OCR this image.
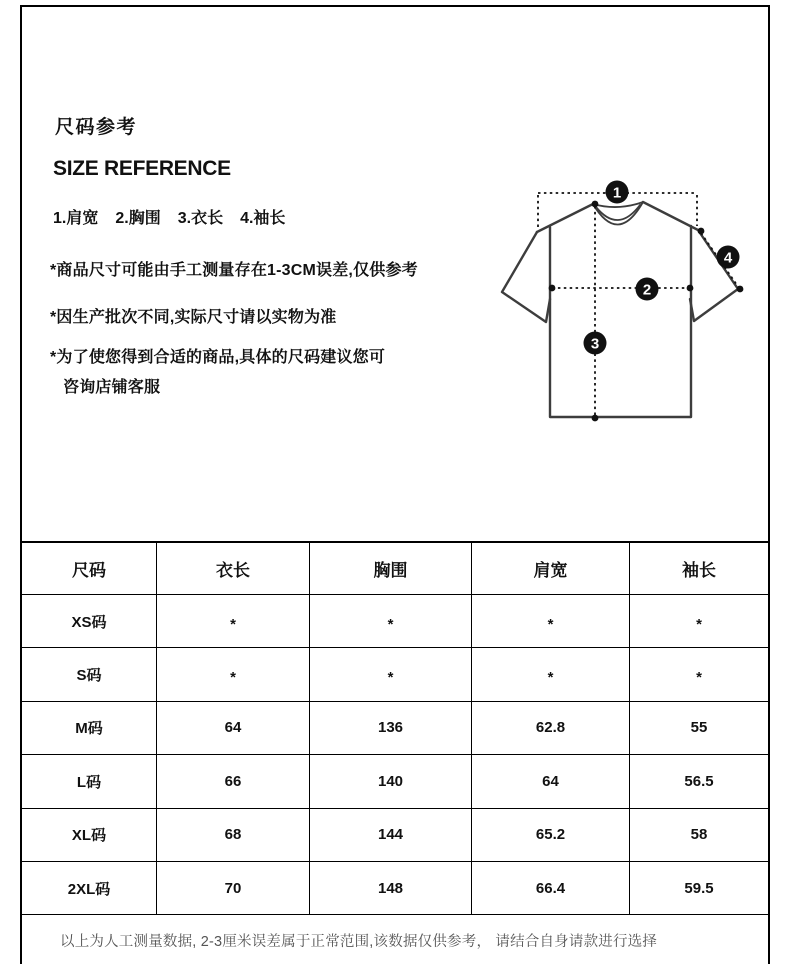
尺码参考
SIZE REFERENCE
1.肩宽 2.胸围 3.衣长 4.袖长
*商品尺寸可能由手工测量存在1-3CM误差,仅供参考
*因生产批次不同,实际尺寸请以实物为准
*为了使您得到合适的商品,具体的尺码建议您可
咨询店铺客服
1
2
3
4
尺码	衣长	胸围	肩宽	袖长
XS码	*	*	*	*
S码	*	*	*	*
M码	64	136	62.8	55
L码	66	140	64	56.5
XL码	68	144	65.2	58
2XL码	70	148	66.4	59.5
以上为人工测量数据, 2-3厘米误差属于正常范围,该数据仅供参考， 请结合自身请款进行选择
